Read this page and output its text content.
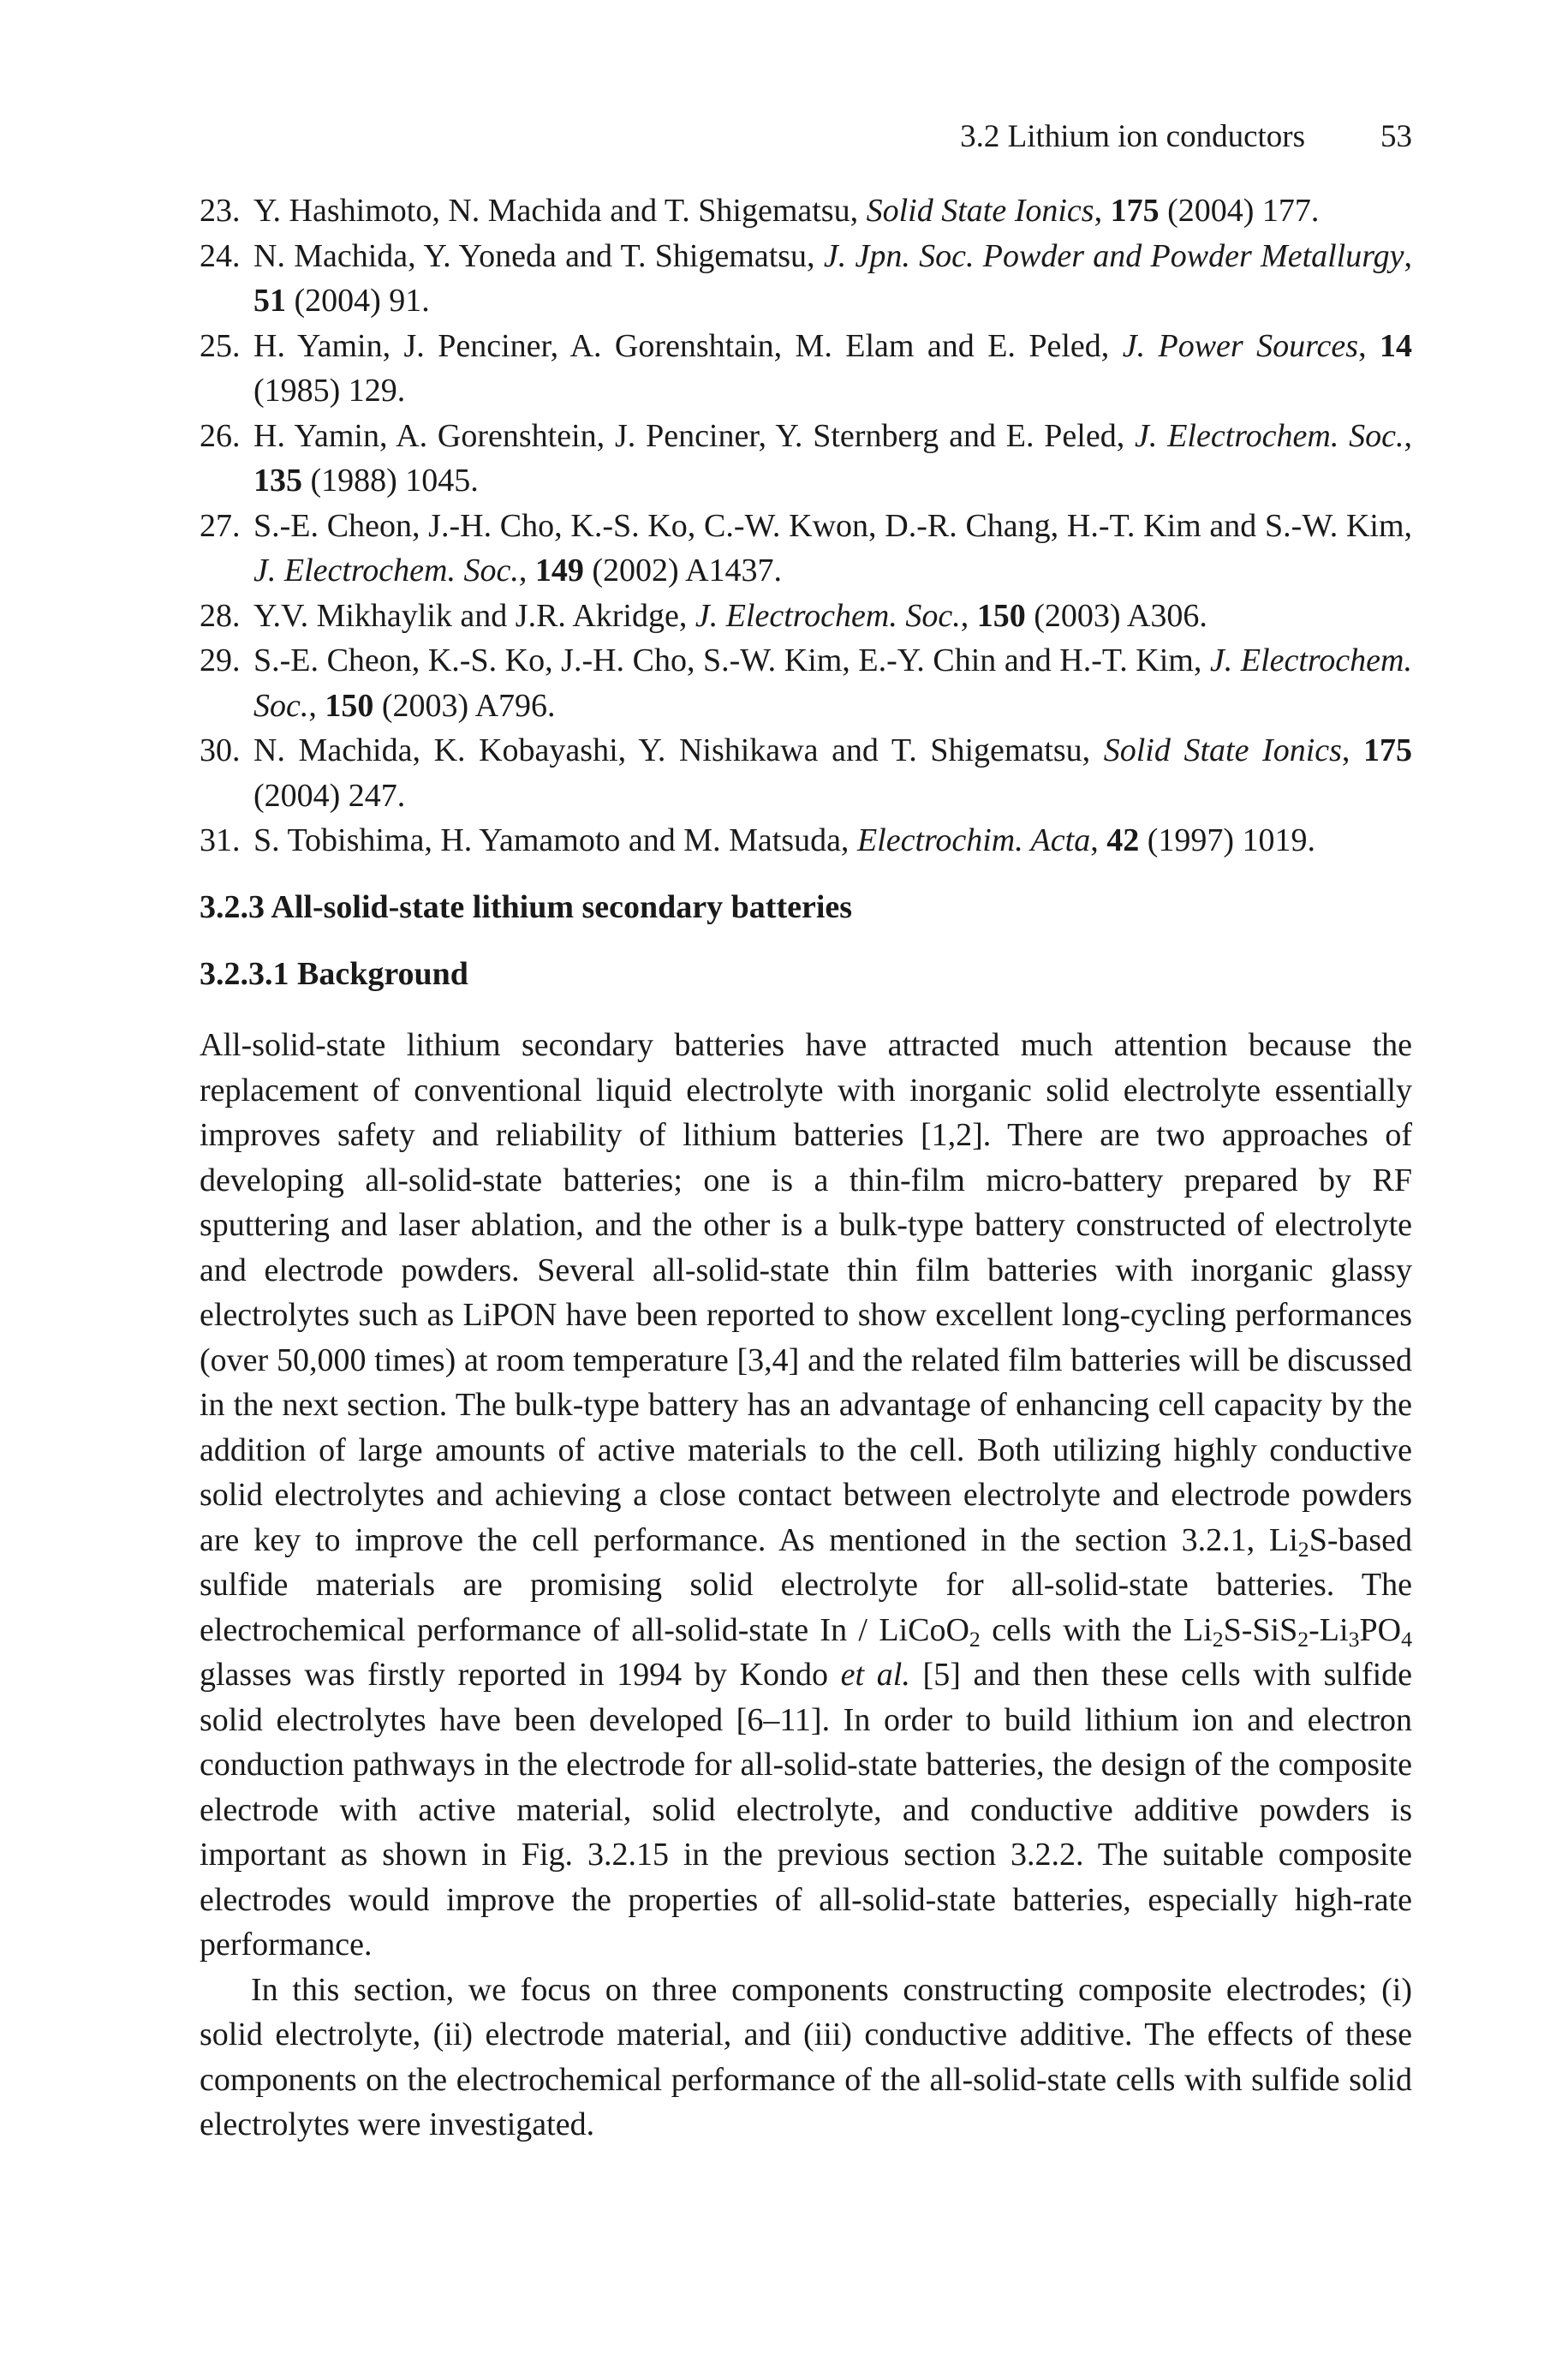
3.2 Lithium ion conductors 53
23. Y. Hashimoto, N. Machida and T. Shigematsu, Solid State Ionics, 175 (2004) 177.
24. N. Machida, Y. Yoneda and T. Shigematsu, J. Jpn. Soc. Powder and Powder Metallurgy, 51 (2004) 91.
25. H. Yamin, J. Penciner, A. Gorenshtain, M. Elam and E. Peled, J. Power Sources, 14 (1985) 129.
26. H. Yamin, A. Gorenshtein, J. Penciner, Y. Sternberg and E. Peled, J. Electrochem. Soc., 135 (1988) 1045.
27. S.-E. Cheon, J.-H. Cho, K.-S. Ko, C.-W. Kwon, D.-R. Chang, H.-T. Kim and S.-W. Kim, J. Electrochem. Soc., 149 (2002) A1437.
28. Y.V. Mikhaylik and J.R. Akridge, J. Electrochem. Soc., 150 (2003) A306.
29. S.-E. Cheon, K.-S. Ko, J.-H. Cho, S.-W. Kim, E.-Y. Chin and H.-T. Kim, J. Electrochem. Soc., 150 (2003) A796.
30. N. Machida, K. Kobayashi, Y. Nishikawa and T. Shigematsu, Solid State Ionics, 175 (2004) 247.
31. S. Tobishima, H. Yamamoto and M. Matsuda, Electrochim. Acta, 42 (1997) 1019.
3.2.3 All-solid-state lithium secondary batteries
3.2.3.1 Background

All-solid-state lithium secondary batteries have attracted much attention because the replacement of conventional liquid electrolyte with inorganic solid electrolyte essentially improves safety and reliability of lithium batteries [1,2]. There are two approaches of developing all-solid-state batteries; one is a thin-film micro-battery prepared by RF sputtering and laser ablation, and the other is a bulk-type battery constructed of electrolyte and electrode powders. Several all-solid-state thin film batteries with inorganic glassy electrolytes such as LiPON have been reported to show excellent long-cycling performances (over 50,000 times) at room temperature [3,4] and the related film batteries will be discussed in the next section. The bulk-type battery has an advantage of enhancing cell capacity by the addition of large amounts of active materials to the cell. Both utilizing highly conductive solid electrolytes and achieving a close contact between electrolyte and electrode powders are key to improve the cell performance. As mentioned in the section 3.2.1, $Li_2S$-based sulfide materials are promising solid electrolyte for all-solid-state batteries. The electrochemical performance of all-solid-state In / LiCoO$_2$ cells with the $Li_2S-SiS_2-Li_3PO_4$ glasses was firstly reported in 1994 by Kondo et al. [5] and then these cells with sulfide solid electrolytes have been developed [6–11]. In order to build lithium ion and electron conduction pathways in the electrode for all-solid-state batteries, the design of the composite electrode with active material, solid electrolyte, and conductive additive powders is important as shown in Fig. 3.2.15 in the previous section 3.2.2. The suitable composite electrodes would improve the properties of all-solid-state batteries, especially high-rate performance.

In this section, we focus on three components constructing composite electrodes; (i) solid electrolyte, (ii) electrode material, and (iii) conductive additive. The effects of these components on the electrochemical performance of the all-solid-state cells with sulfide solid electrolytes were investigated.
